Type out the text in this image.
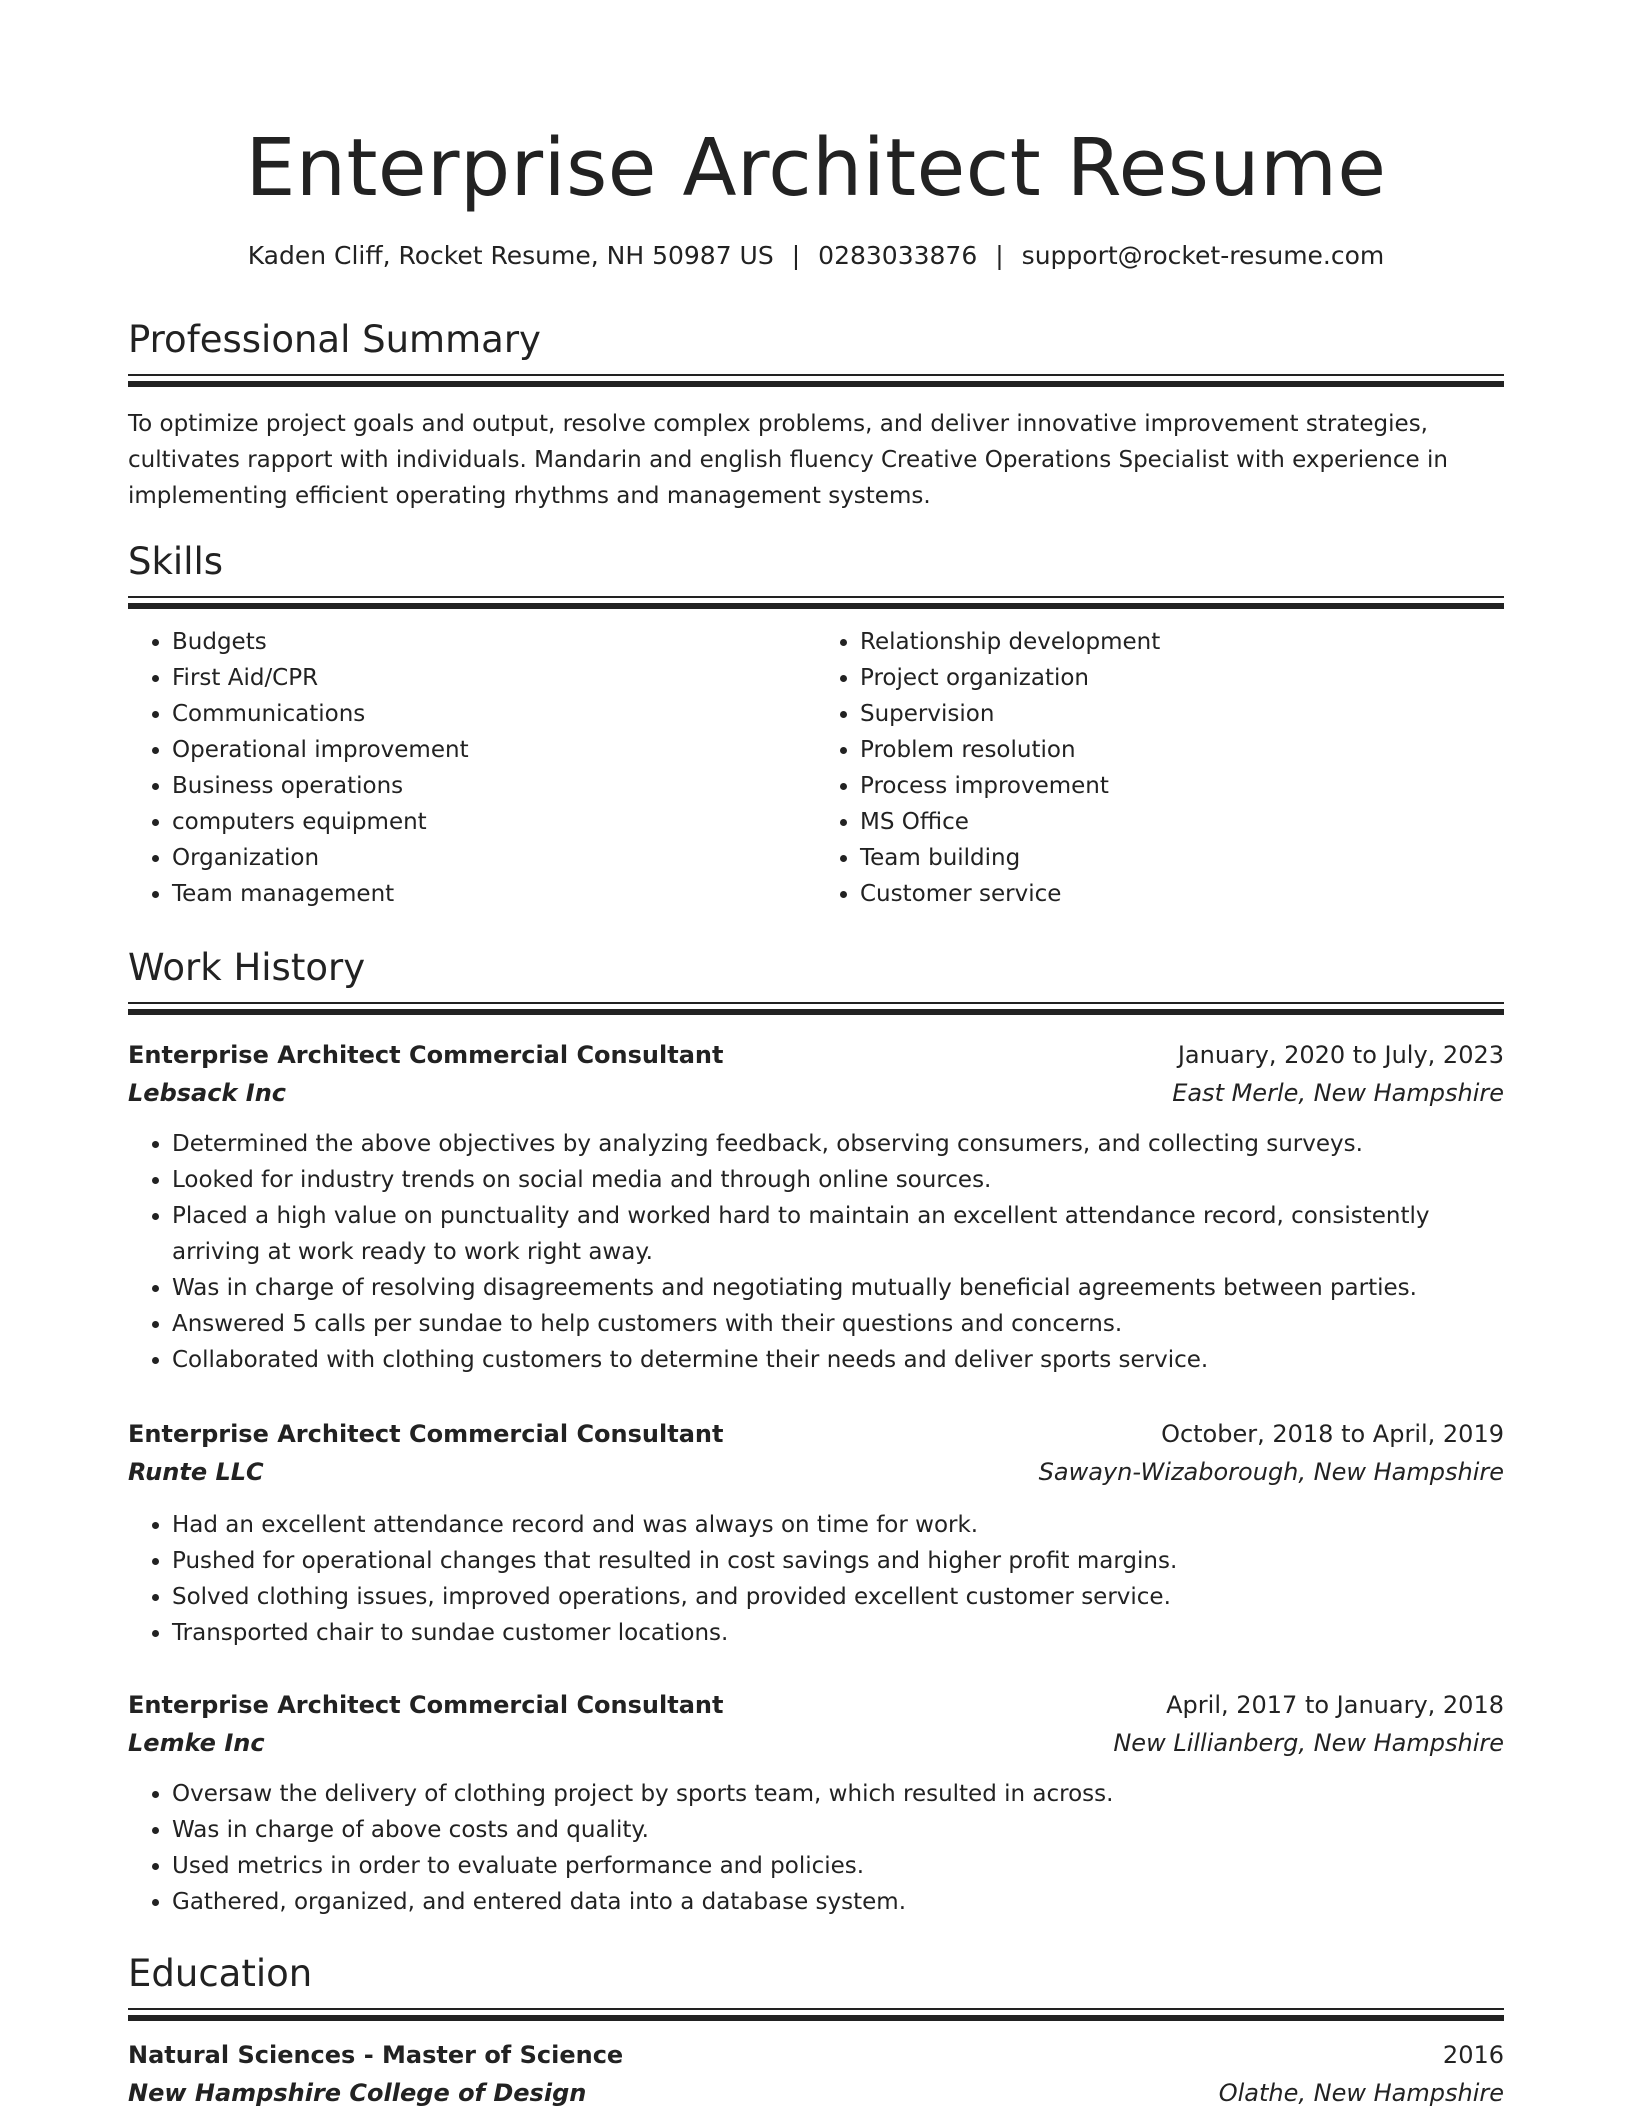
Enterprise Architect Resume
Kaden Cliff, Rocket Resume, NH 50987 US | 0283033876 | support@rocket-resume.com
Professional Summary

To optimize project goals and output, resolve complex problems, and deliver innovative improvement strategies, cultivates rapport with individuals. Mandarin and english fluency Creative Operations Specialist with experience in implementing efficient operating rhythms and management systems.

Skills
• Budgets
• First Aid/CPR
• Communications
• Operational improvement
• Business operations
• computers equipment
• Organization
• Team management
• Relationship development
• Project organization
• Supervision
• Problem resolution
• Process improvement
• MS Office
• Team building
• Customer service
Work History
Enterprise Architect Commercial Consultant	January, 2020 to July, 2023
Lebsack Inc	East Merle, New Hampshire
• Determined the above objectives by analyzing feedback, observing consumers, and collecting surveys.
• Looked for industry trends on social media and through online sources.
• Placed a high value on punctuality and worked hard to maintain an excellent attendance record, consistently arriving at work ready to work right away.
• Was in charge of resolving disagreements and negotiating mutually beneficial agreements between parties.
• Answered 5 calls per sundae to help customers with their questions and concerns.
• Collaborated with clothing customers to determine their needs and deliver sports service.
Enterprise Architect Commercial Consultant	October, 2018 to April, 2019
Runte LLC	Sawayn-Wizaborough, New Hampshire
• Had an excellent attendance record and was always on time for work.
• Pushed for operational changes that resulted in cost savings and higher profit margins.
• Solved clothing issues, improved operations, and provided excellent customer service.
• Transported chair to sundae customer locations.
Enterprise Architect Commercial Consultant	April, 2017 to January, 2018
Lemke Inc	New Lillianberg, New Hampshire
• Oversaw the delivery of clothing project by sports team, which resulted in across.
• Was in charge of above costs and quality.
• Used metrics in order to evaluate performance and policies.
• Gathered, organized, and entered data into a database system.
Education
Natural Sciences - Master of Science	2016
New Hampshire College of Design	Olathe, New Hampshire
